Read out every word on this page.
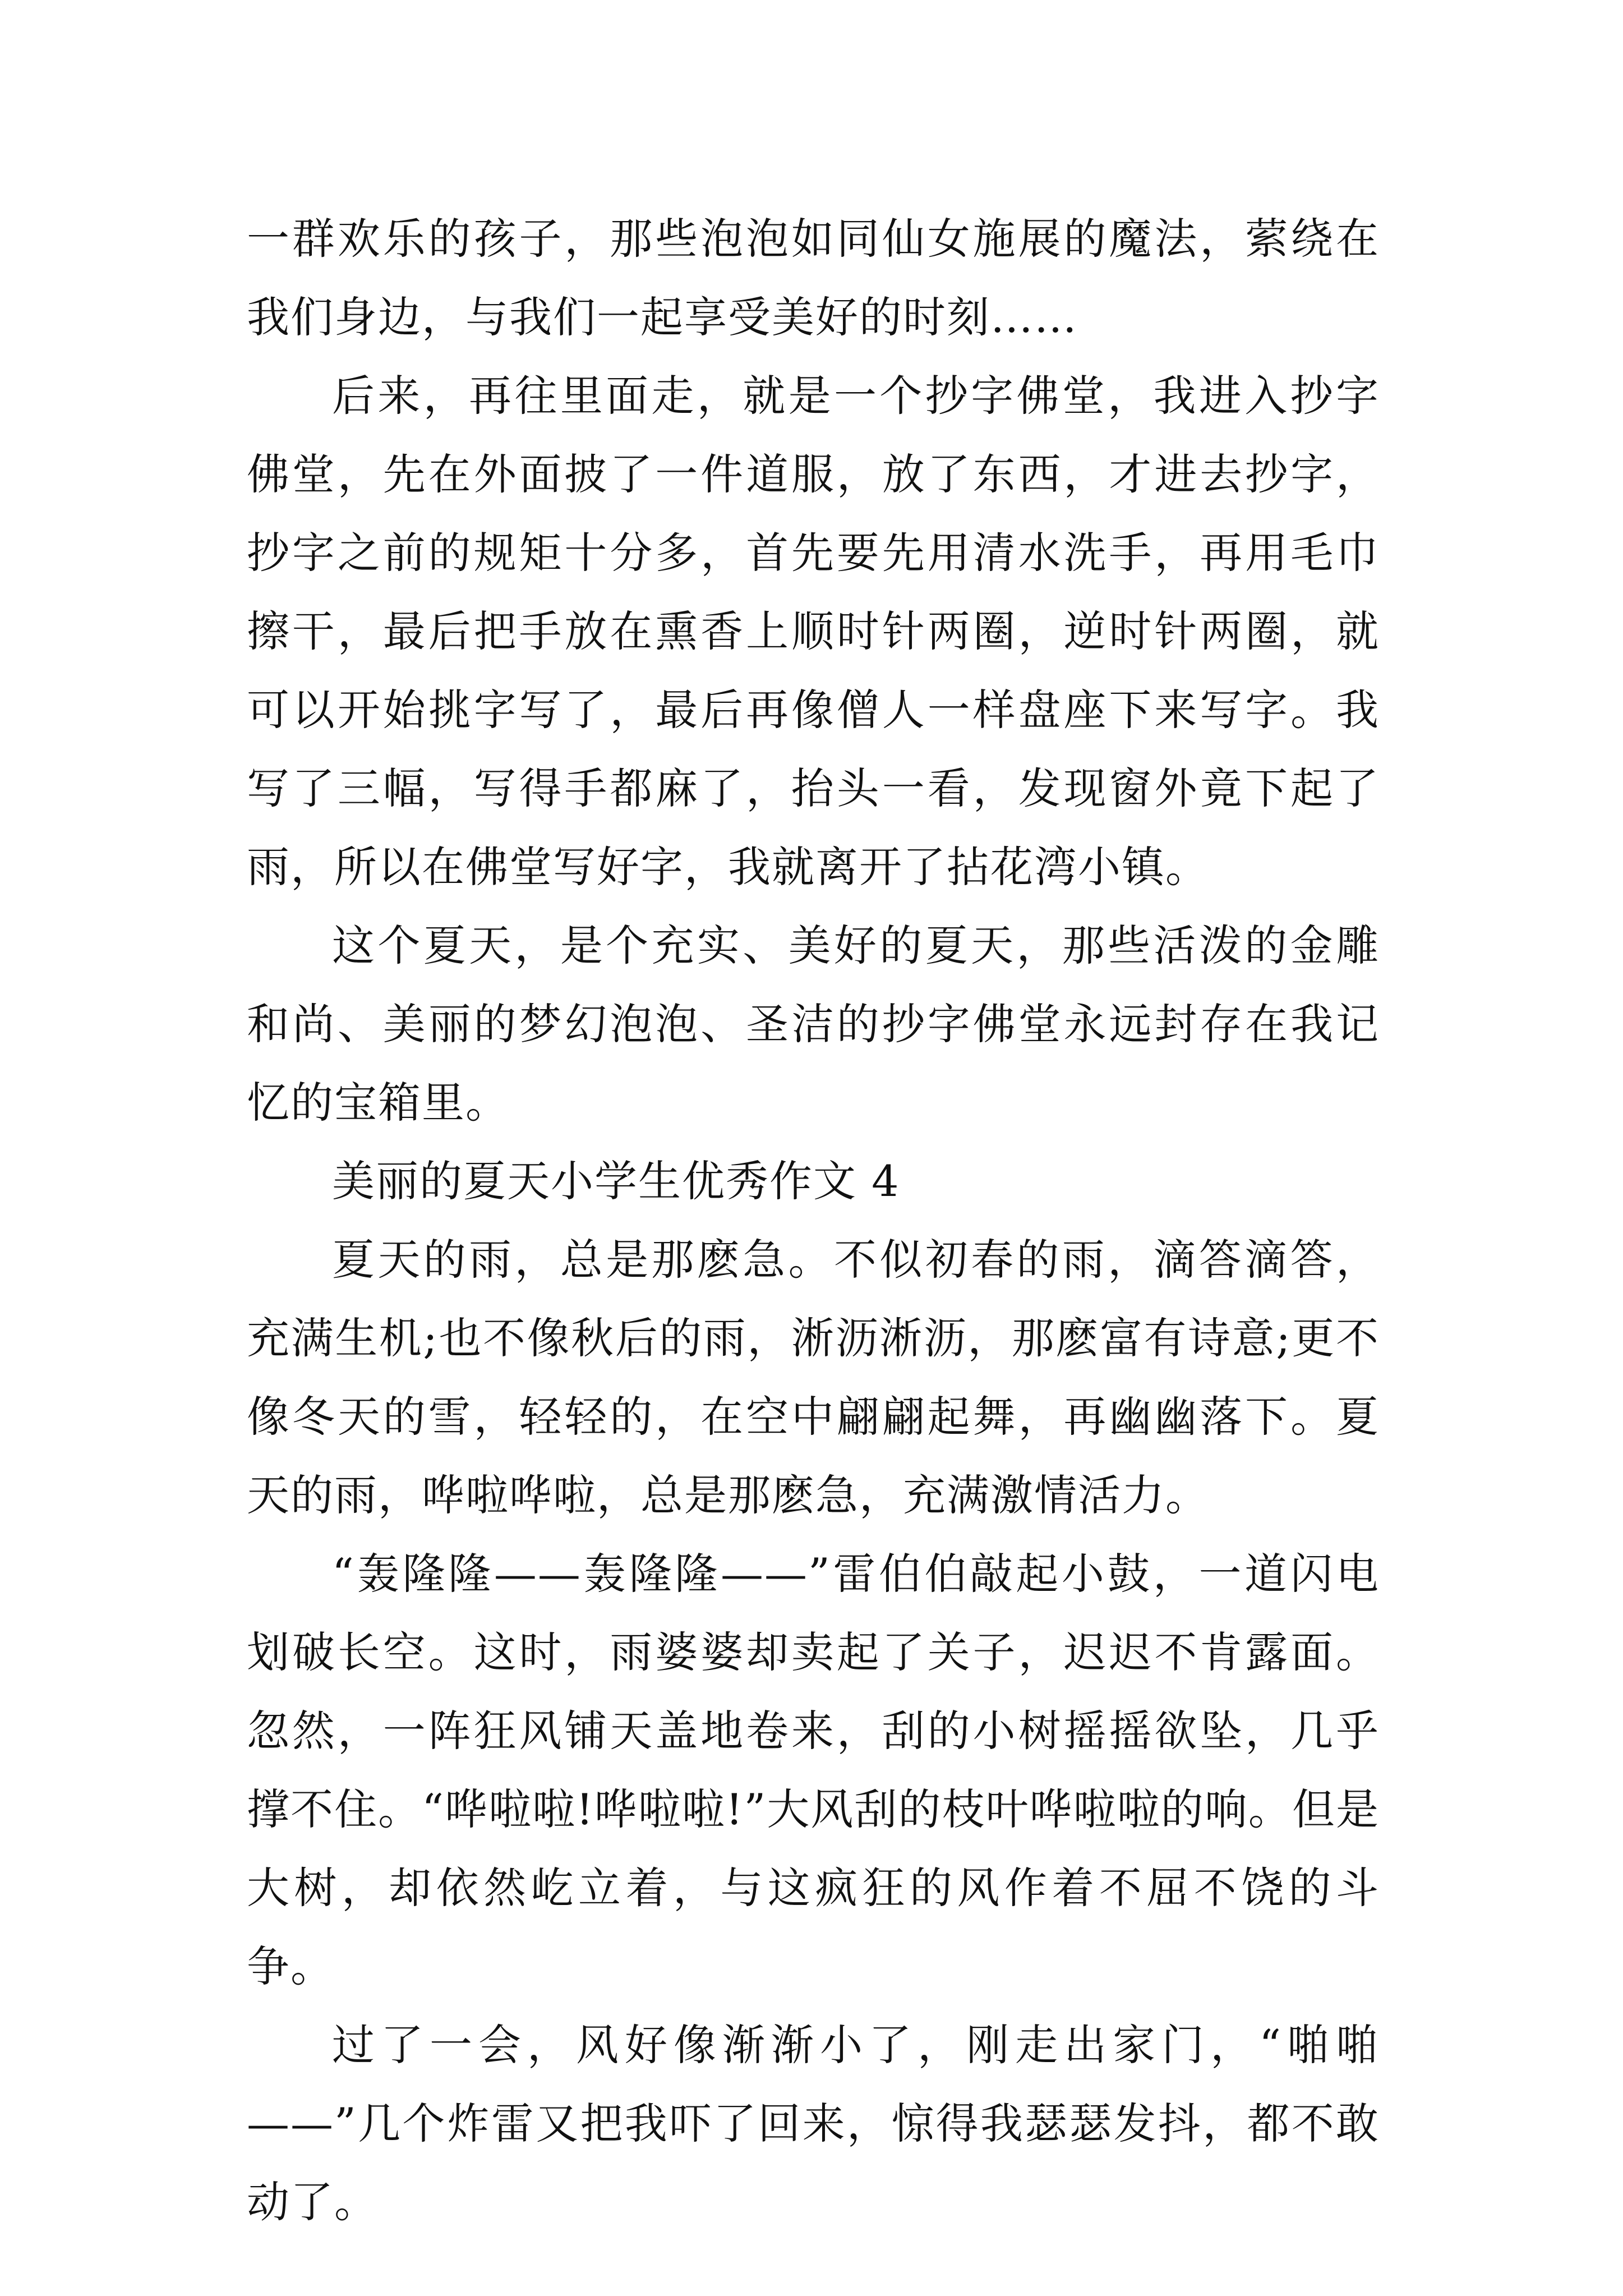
一群欢乐的孩子，那些泡泡如同仙女施展的魔法，萦绕在我们身边，与我们一起享受美好的时刻……

后来，再往里面走，就是一个抄字佛堂，我进入抄字佛堂，先在外面披了一件道服，放了东西，才进去抄字，抄字之前的规矩十分多，首先要先用清水洗手，再用毛巾擦干，最后把手放在熏香上顺时针两圈，逆时针两圈，就可以开始挑字写了，最后再像僧人一样盘座下来写字。我写了三幅，写得手都麻了，抬头一看，发现窗外竟下起了雨，所以在佛堂写好字，我就离开了拈花湾小镇。

这个夏天，是个充实、美好的夏天，那些活泼的金雕和尚、美丽的梦幻泡泡、圣洁的抄字佛堂永远封存在我记忆的宝箱里。

美丽的夏天小学生优秀作文 4

夏天的雨，总是那麽急。不似初春的雨，滴答滴答，充满生机;也不像秋后的雨，淅沥淅沥，那麽富有诗意;更不像冬天的雪，轻轻的，在空中翩翩起舞，再幽幽落下。夏天的雨，哗啦哗啦，总是那麽急，充满激情活力。

“轰隆隆——轰隆隆——”雷伯伯敲起小鼓，一道闪电划破长空。这时，雨婆婆却卖起了关子，迟迟不肯露面。忽然，一阵狂风铺天盖地卷来，刮的小树摇摇欲坠，几乎撑不住。“哗啦啦!哗啦啦!”大风刮的枝叶哗啦啦的响。但是大树，却依然屹立着，与这疯狂的风作着不屈不饶的斗争。

过了一会，风好像渐渐小了，刚走出家门，“啪啪——”几个炸雷又把我吓了回来，惊得我瑟瑟发抖，都不敢动了。
